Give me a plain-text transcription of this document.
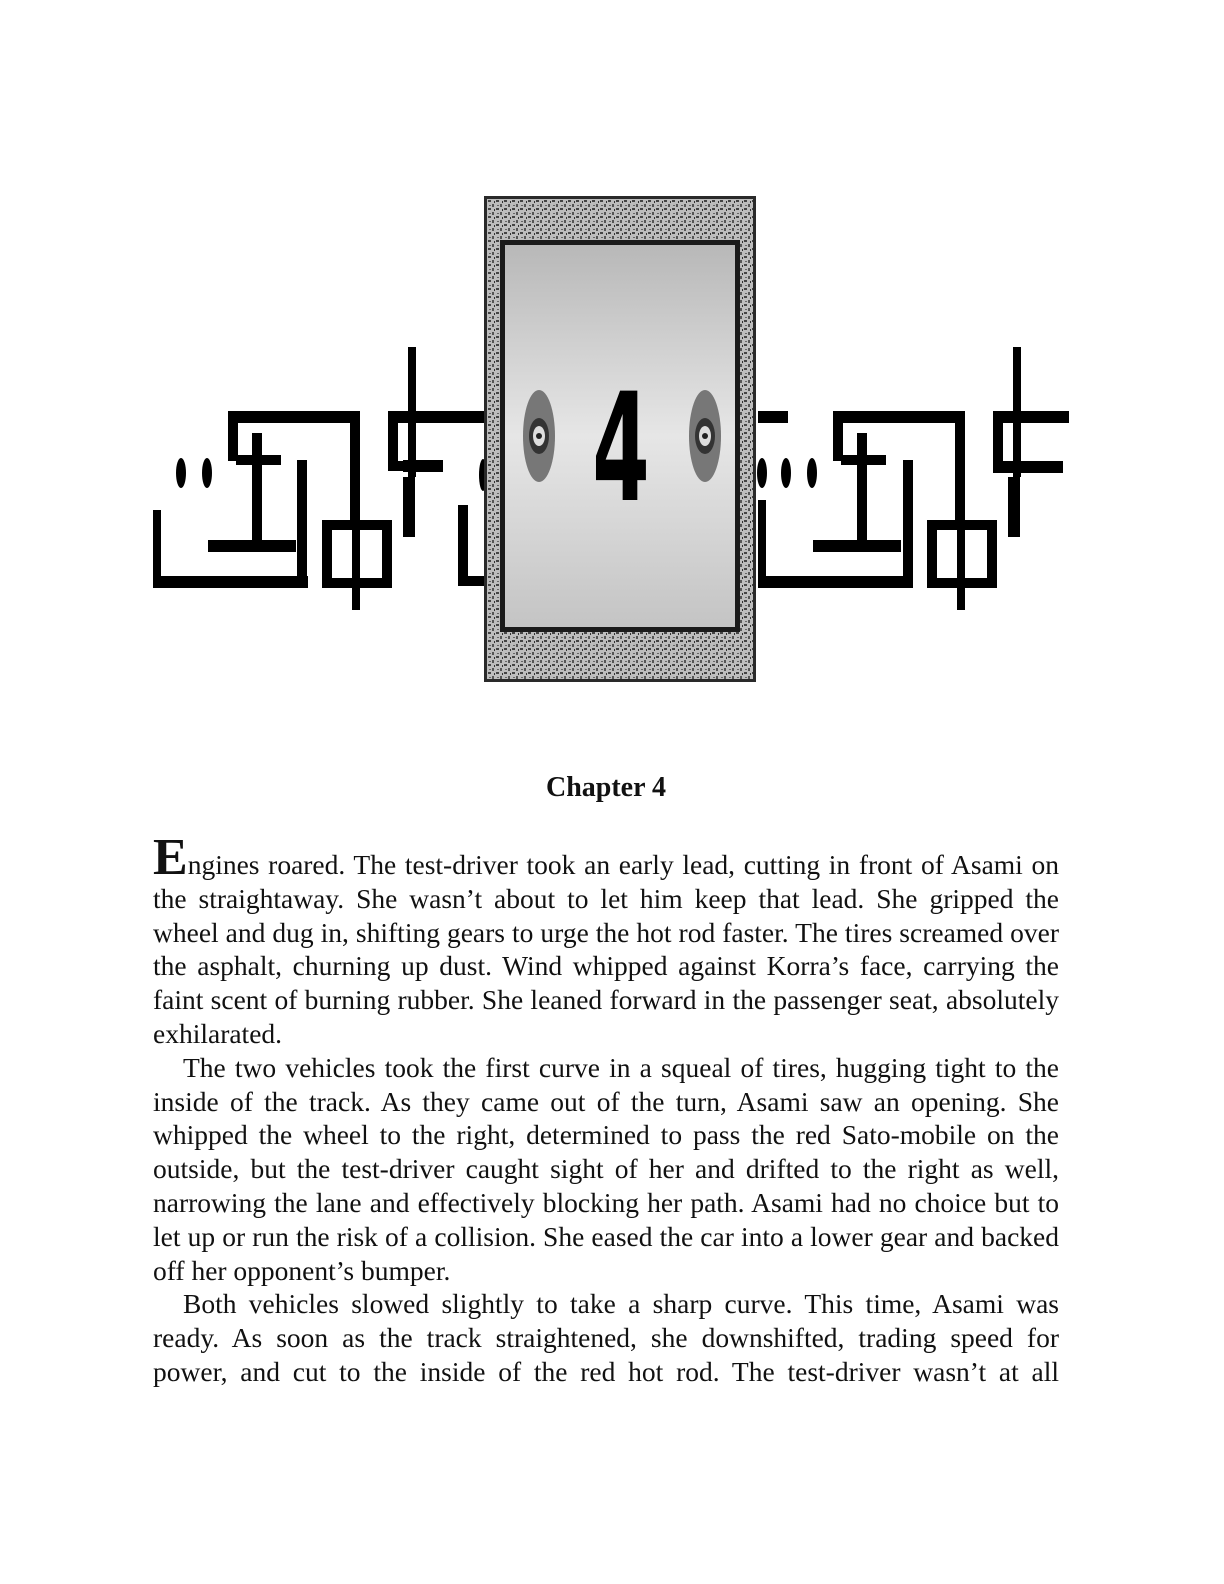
4
Chapter 4

Engines roared. The test-driver took an early lead, cutting in front of Asami on the straightaway. She wasn’t about to let him keep that lead. She gripped the wheel and dug in, shifting gears to urge the hot rod faster. The tires screamed over the asphalt, churning up dust. Wind whipped against Korra’s face, carrying the faint scent of burning rubber. She leaned forward in the passenger seat, absolutely exhilarated.

The two vehicles took the first curve in a squeal of tires, hugging tight to the inside of the track. As they came out of the turn, Asami saw an opening. She whipped the wheel to the right, determined to pass the red Sato-mobile on the outside, but the test-driver caught sight of her and drifted to the right as well, narrowing the lane and effectively blocking her path. Asami had no choice but to let up or run the risk of a collision. She eased the car into a lower gear and backed off her opponent’s bumper.

Both vehicles slowed slightly to take a sharp curve. This time, Asami was ready. As soon as the track straightened, she downshifted, trading speed for power, and cut to the inside of the red hot rod. The test-driver wasn’t at all
